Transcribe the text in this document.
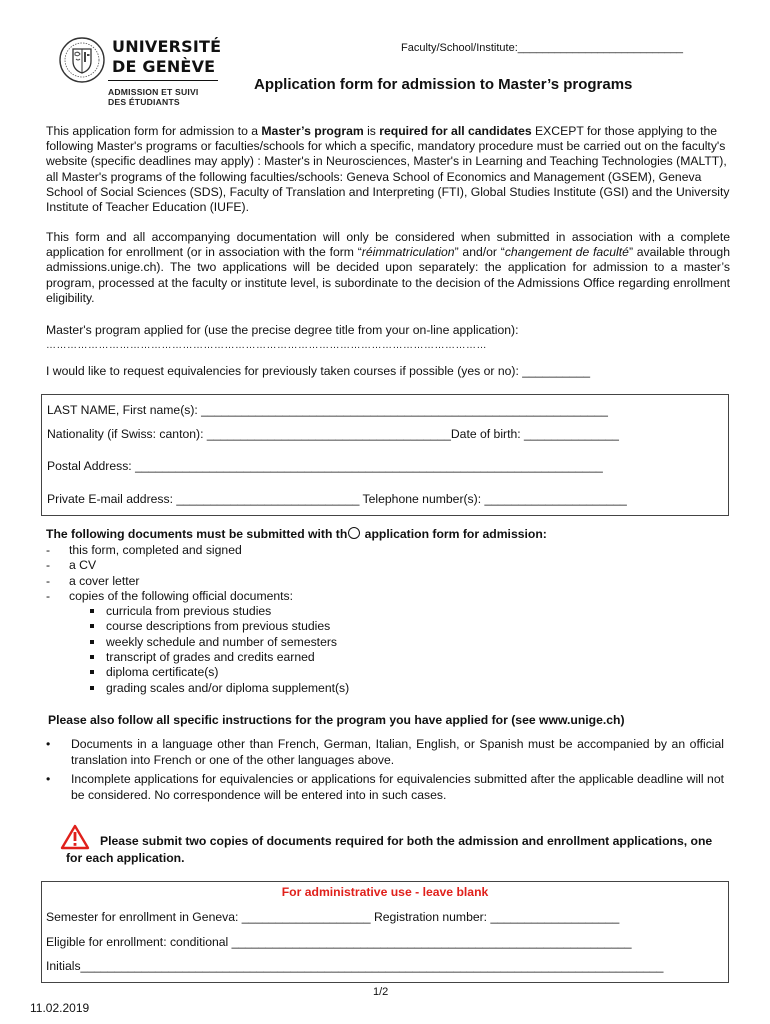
UNIVERSITÉ
DE GENÈVE
ADMISSION ET SUIVI
DES ÉTUDIANTS
Faculty/School/Institute:___________________________
Application form for admission to Master’s programs

This application form for admission to a Master’s program is required for all candidates EXCEPT for those applying to the following Master's programs or faculties/schools for which a specific, mandatory procedure must be carried out on the faculty's website (specific deadlines may apply) : Master's in Neurosciences, Master's in Learning and Teaching Technologies (MALTT), all Master's programs of the following faculties/schools: Geneva School of Economics and Management (GSEM), Geneva School of Social Sciences (SDS), Faculty of Translation and Interpreting (FTI), Global Studies Institute (GSI) and the University Institute of Teacher Education (IUFE).

This form and all accompanying documentation will only be considered when submitted in association with a complete application for enrollment (or in association with the form “réimmatriculation” and/or “changement de faculté” available through admissions.unige.ch). The two applications will be decided upon separately: the application for admission to a master’s program, processed at the faculty or institute level, is subordinate to the decision of the Admissions Office regarding enrollment eligibility.

Master's program applied for (use the precise degree title from your on-line application):
………………………………………………………………………………………………………………
I would like to request equivalencies for previously taken courses if possible (yes or no): __________
LAST NAME, First name(s): ____________________________________________________________
Nationality (if Swiss: canton): ____________________________________Date of birth: ______________
Postal Address: _____________________________________________________________________
Private E-mail address: ___________________________ Telephone number(s): _____________________
The following documents must be submitted with th application form for admission:
- this form, completed and signed
- a CV
- a cover letter
- copies of the following official documents:
curricula from previous studies
course descriptions from previous studies
weekly schedule and number of semesters
transcript of grades and credits earned
diploma certificate(s)
grading scales and/or diploma supplement(s)
Please also follow all specific instructions for the program you have applied for (see www.unige.ch)
• Documents in a language other than French, German, Italian, English, or Spanish must be accompanied by an official translation into French or one of the other languages above.
• Incomplete applications for equivalencies or applications for equivalencies submitted after the applicable deadline will not be considered. No correspondence will be entered into in such cases.
Please submit two copies of documents required for both the admission and enrollment applications, one for each application.
For administrative use - leave blank
Semester for enrollment in Geneva: ___________________ Registration number: ___________________
Eligible for enrollment: conditional ___________________________________________________________
Initials______________________________________________________________________________________
1/2
11.02.2019
